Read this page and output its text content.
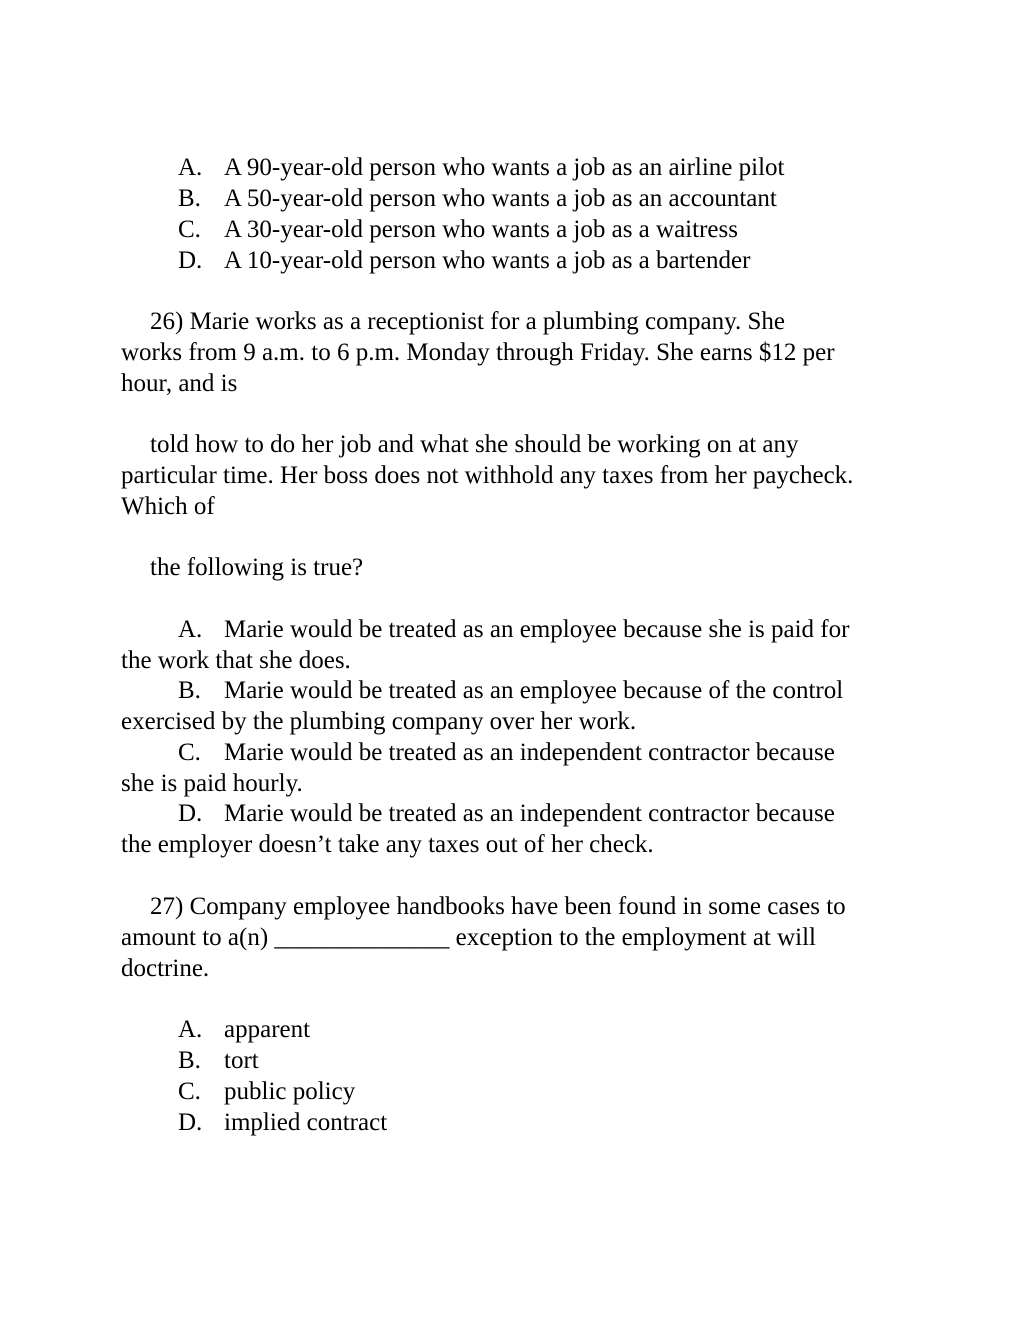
A. A 90-year-old person who wants a job as an airline pilot
B. A 50-year-old person who wants a job as an accountant
C. A 30-year-old person who wants a job as a waitress
D. A 10-year-old person who wants a job as a bartender
26) Marie works as a receptionist for a plumbing company. She
works from 9 a.m. to 6 p.m. Monday through Friday. She earns $12 per
hour, and is
told how to do her job and what she should be working on at any
particular time. Her boss does not withhold any taxes from her paycheck.
Which of
the following is true?
A. Marie would be treated as an employee because she is paid for
the work that she does.
B. Marie would be treated as an employee because of the control
exercised by the plumbing company over her work.
C. Marie would be treated as an independent contractor because
she is paid hourly.
D. Marie would be treated as an independent contractor because
the employer doesn’t take any taxes out of her check.
27) Company employee handbooks have been found in some cases to
amount to a(n) ______________ exception to the employment at will
doctrine.
A. apparent
B. tort
C. public policy
D. implied contract
